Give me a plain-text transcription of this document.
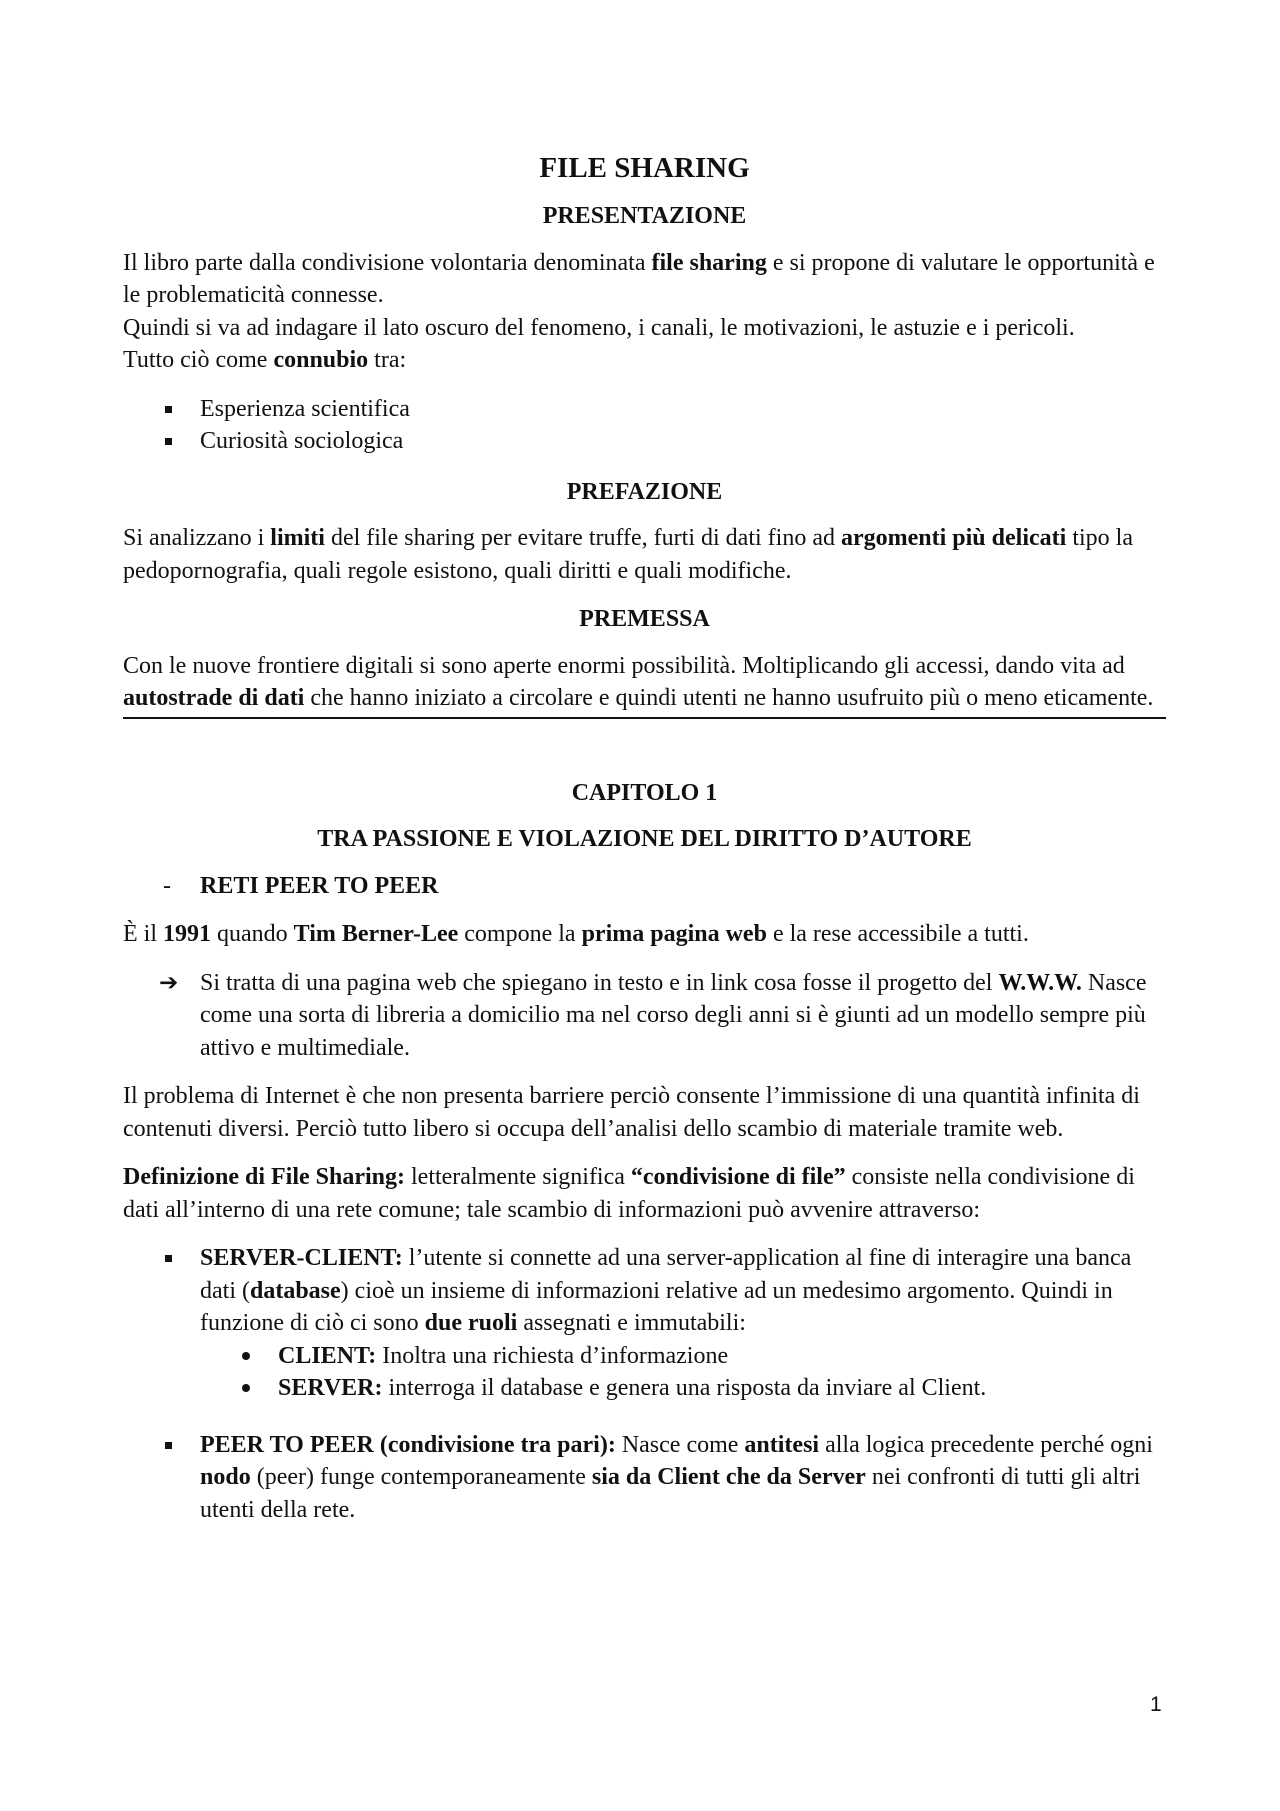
FILE SHARING
PRESENTAZIONE

Il libro parte dalla condivisione volontaria denominata file sharing e si propone di valutare le opportunità e le problematicità connesse.

Quindi si va ad indagare il lato oscuro del fenomeno, i canali, le motivazioni, le astuzie e i pericoli.

Tutto ciò come connubio tra:

Esperienza scientifica
Curiosità sociologica
PREFAZIONE

Si analizzano i limiti del file sharing per evitare truffe, furti di dati fino ad argomenti più delicati tipo la pedopornografia, quali regole esistono, quali diritti e quali modifiche.

PREMESSA

Con le nuove frontiere digitali si sono aperte enormi possibilità. Moltiplicando gli accessi, dando vita ad autostrade di dati che hanno iniziato a circolare e quindi utenti ne hanno usufruito più o meno eticamente.

CAPITOLO 1
TRA PASSIONE E VIOLAZIONE DEL DIRITTO D’AUTORE
- RETI PEER TO PEER

È il 1991 quando Tim Berner-Lee compone la prima pagina web e la rese accessibile a tutti.

➔ Si tratta di una pagina web che spiegano in testo e in link cosa fosse il progetto del W.W.W. Nasce come una sorta di libreria a domicilio ma nel corso degli anni si è giunti ad un modello sempre più attivo e multimediale.

Il problema di Internet è che non presenta barriere perciò consente l’immissione di una quantità infinita di contenuti diversi. Perciò tutto libero si occupa dell’analisi dello scambio di materiale tramite web.

Definizione di File Sharing: letteralmente significa “condivisione di file” consiste nella condivisione di dati all’interno di una rete comune; tale scambio di informazioni può avvenire attraverso:

SERVER-CLIENT: l’utente si connette ad una server-application al fine di interagire una banca dati (database) cioè un insieme di informazioni relative ad un medesimo argomento. Quindi in funzione di ciò ci sono due ruoli assegnati e immutabili:
CLIENT: Inoltra una richiesta d’informazione
SERVER: interroga il database e genera una risposta da inviare al Client.
PEER TO PEER (condivisione tra pari): Nasce come antitesi alla logica precedente perché ogni nodo (peer) funge contemporaneamente sia da Client che da Server nei confronti di tutti gli altri utenti della rete.
1
